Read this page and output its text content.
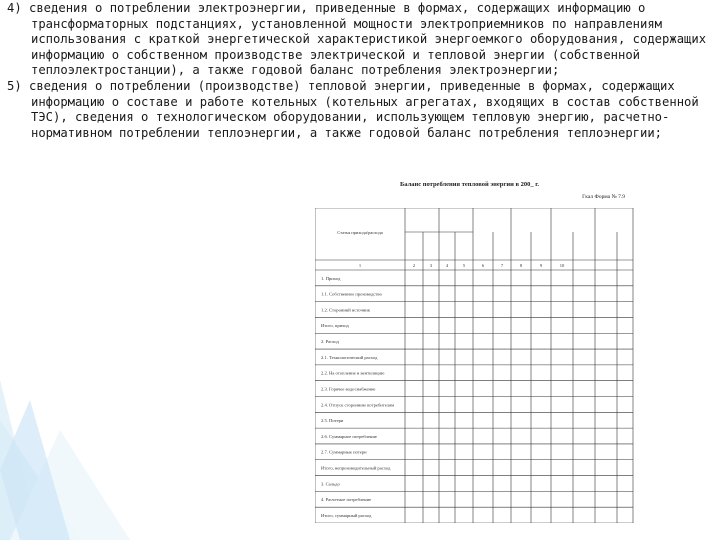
4) сведения о потреблении электроэнергии, приведенные в формах, содержащих информацию о трансформаторных подстанциях, установленной мощности электроприемников по направлениям использования с краткой энергетической характеристикой энергоемкого оборудования, содержащих информацию о собственном производстве электрической и тепловой энергии (собственной теплоэлектростанции), а также годовой баланс потребления электроэнергии;

5) сведения о потреблении (производстве) тепловой энергии, приведенные в формах, содержащих информацию о составе и работе котельных (котельных агрегатах, входящих в состав собственной ТЭС), сведения о технологическом оборудовании, использующем тепловую энергию, расчетно-нормативном потреблении теплоэнергии, а также годовой баланс потребления теплоэнергии;

Баланс потребления тепловой энергии в 200_ г.
Гкал Форма № 7.9
Статья прихода/расхода
1	2	3	4	5	6	7	8	9	10
1. Приход
1.1. Собственное производство
1.2. Сторонний источник
Итого, приход
2. Расход
2.1. Технологический расход
2.2. На отопление и вентиляцию
2.3. Горячее водоснабжение
2.4. Отпуск сторонним потребителям
2.5. Потери
2.6. Суммарное потребление
2.7. Суммарные потери
Итого, непроизводительный расход
3. Сальдо
4. Расчетное потребление
Итого, суммарный расход
